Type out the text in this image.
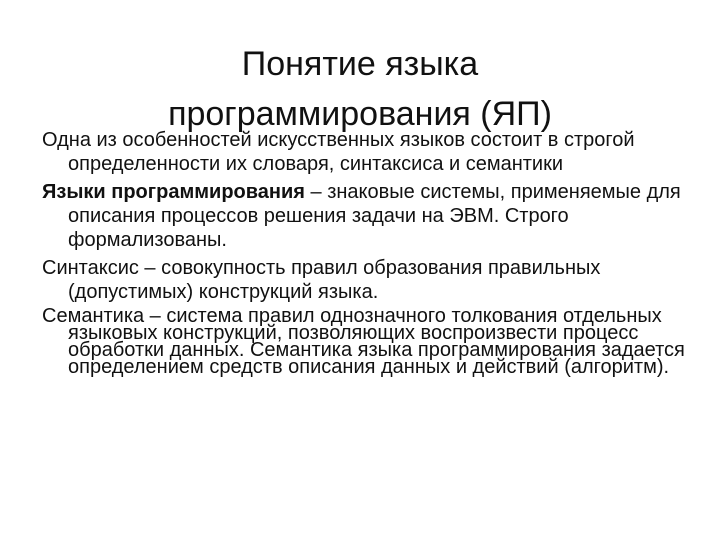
Понятие языка
программирования (ЯП)

Одна из особенностей искусственных языков состоит в строгой определенности их словаря, синтаксиса и семантики

Языки программирования – знаковые системы, применяемые для описания процессов решения задачи на ЭВМ. Строго формализованы.

Синтаксис – совокупность правил образования правильных (допустимых) конструкций языка.

Семантика – система правил однозначного толкования отдельных языковых конструкций, позволяющих воспроизвести процесс обработки данных. Семантика языка программирования задается определением средств описания данных и действий (алгоритм).
